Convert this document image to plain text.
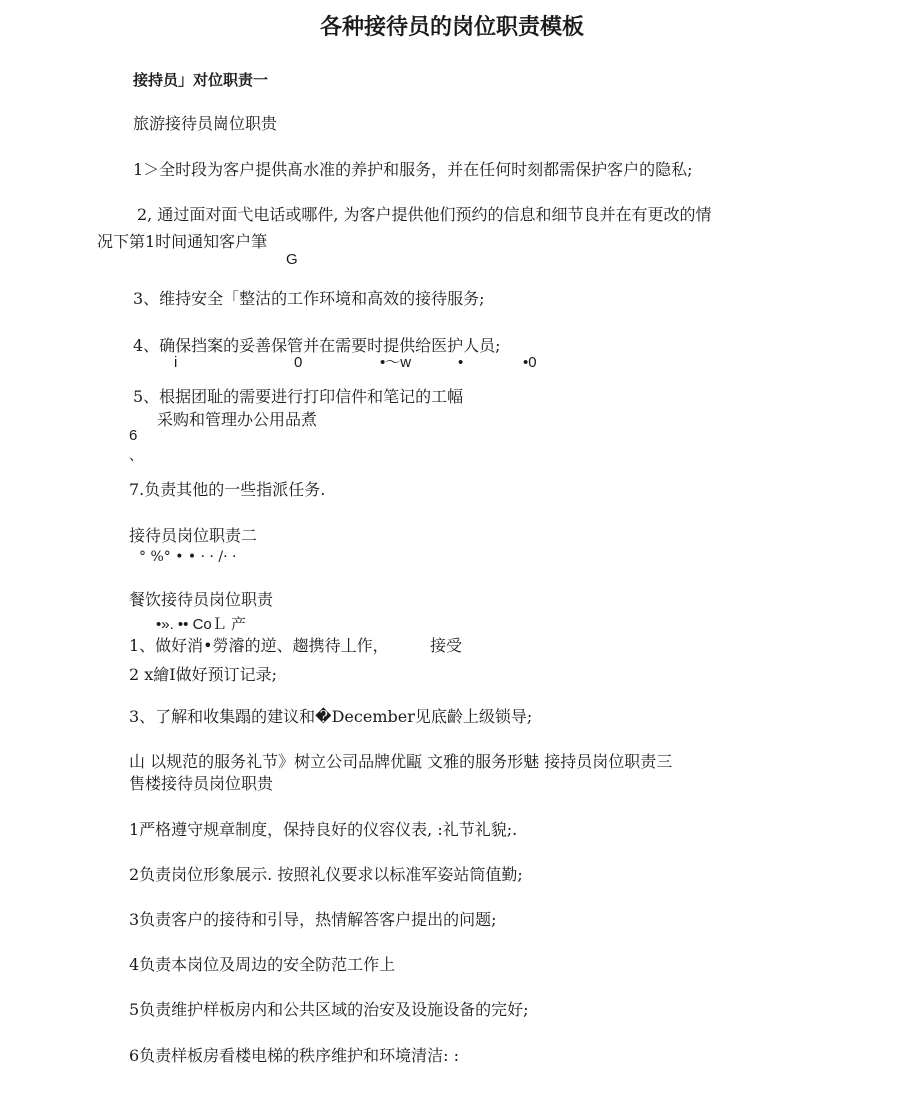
各种接待员的岗位职责模板
接持员」对位职责一
旅游接待员崗位职贵
1＞全时段为客户提供髙水准的养护和服务，并在任何时刻都需保护客户的隐私;
2, 通过面对面弋电话或哪件, 为客户提供他们预约的信息和细节良并在有更改的情
况下第1时间通知客户筆
G
3、维持安全「整沽的工作环境和高效的接待服务;
4、确保挡案的妥善保管并在需要时提供给医护人员;
i	0	•～w	•	•0
5、根据团耻的需要进行打印信件和笔记的工幅
采购和管理办公用品煮
6
、
7.负责其他的一些指派任务.
接待员岗位职责二
° %° • • · · /· ·
餐饮接待员岗位职责
•». •• CoＬ 产
1、做好消•勞濬的逆、趨携待丄作，	接受
2 x繪I做好预订记录;
3、了解和收集蹋的建议和�December见底齡上级锁导;
山 以规范的服务礼节》树立公司品牌优甌 文雅的服务形魅 接持员岗位职责三
售楼接待员岗位职贵
1严格遵守规章制度，保持良好的仪容仪表, :礼节礼貌;.
2负责岗位形象展示. 按照礼仪要求以标准军姿站筒值勤;
3负责客户的接待和引导，热情解答客户提出的问题;
4负责本岗位及周边的安全防范工作上
5负责维护样板房内和公共区域的治安及设施设备的完好;
6负责样板房看楼电梯的秩序维护和环境清洁: :
